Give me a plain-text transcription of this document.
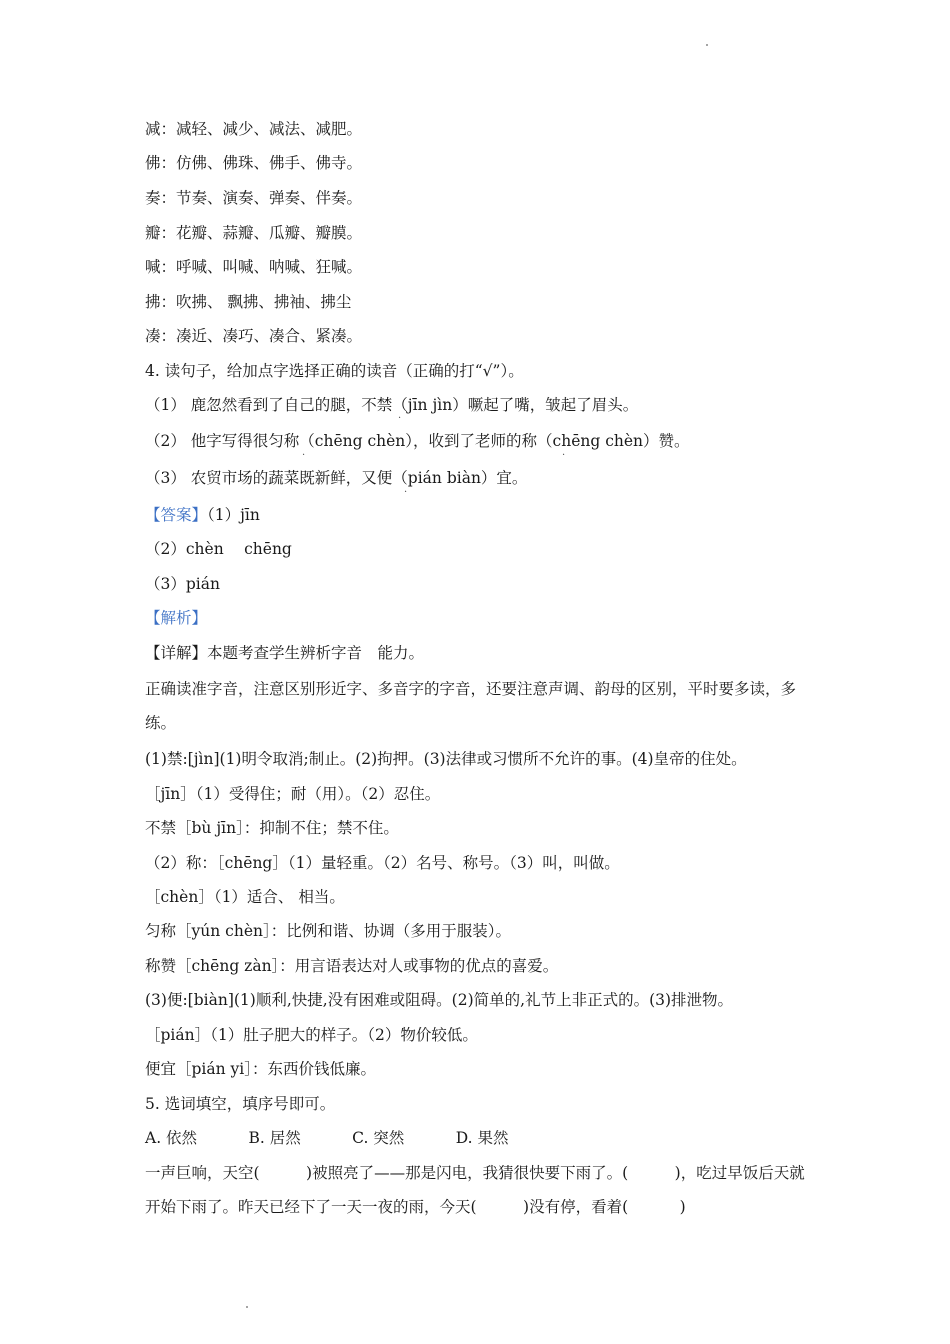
减：减轻、减少、减法、减肥。
佛：仿佛、佛珠、佛手、佛寺。
奏：节奏、演奏、弹奏、伴奏。
瓣：花瓣、蒜瓣、瓜瓣、瓣膜。
喊：呼喊、叫喊、呐喊、狂喊。
拂：吹拂、 飘拂、拂袖、拂尘
凑：凑近、凑巧、凑合、紧凑。
4. 读句子，给加点字选择正确的读音（正确的打“√”）。
（1） 鹿忽然看到了自己的腿，不禁（jīn jìn）噘起了嘴，皱起了眉头。
·
（2） 他字写得很匀称（chēng chèn），收到了老师的称（chēng chèn）赞。
·	·
（3） 农贸市场的蔬菜既新鲜，又便（pián biàn）宜。
·
【答案】（1）jīn
（2）chèn　 chēng
（3）pián
【解析】
【详解】本题考查学生辨析字音　能力。
正确读准字音，注意区别形近字、多音字的字音，还要注意声调、韵母的区别，平时要多读，多练。
(1)禁:[jìn](1)明令取消;制止。(2)拘押。(3)法律或习惯所不允许的事。(4)皇帝的住处。
［jīn］（1）受得住；耐（用）。（2）忍住。
不禁［bù jīn］：抑制不住；禁不住。
（2）称：［chēng］（1）量轻重。（2）名号、称号。（3）叫，叫做。
［chèn］（1）适合、 相当。
匀称［yún chèn］：比例和谐、协调（多用于服装）。
称赞［chēng zàn］：用言语表达对人或事物的优点的喜爱。
(3)便:[biàn](1)顺利,快捷,没有困难或阻碍。(2)简单的,礼节上非正式的。(3)排泄物。
［pián］（1）肚子肥大的样子。（2）物价较低。
便宜［pián yi］：东西价钱低廉。
5. 选词填空，填序号即可。
A. 依然　　　 B. 居然　　　 C. 突然　　　 D. 果然
一声巨响，天空(　　　)被照亮了——那是闪电，我猜很快要下雨了。(　　　)，吃过早饭后天就开始下雨了。昨天已经下了一天一夜的雨，今天(　　　)没有停，看着(　　　 )
